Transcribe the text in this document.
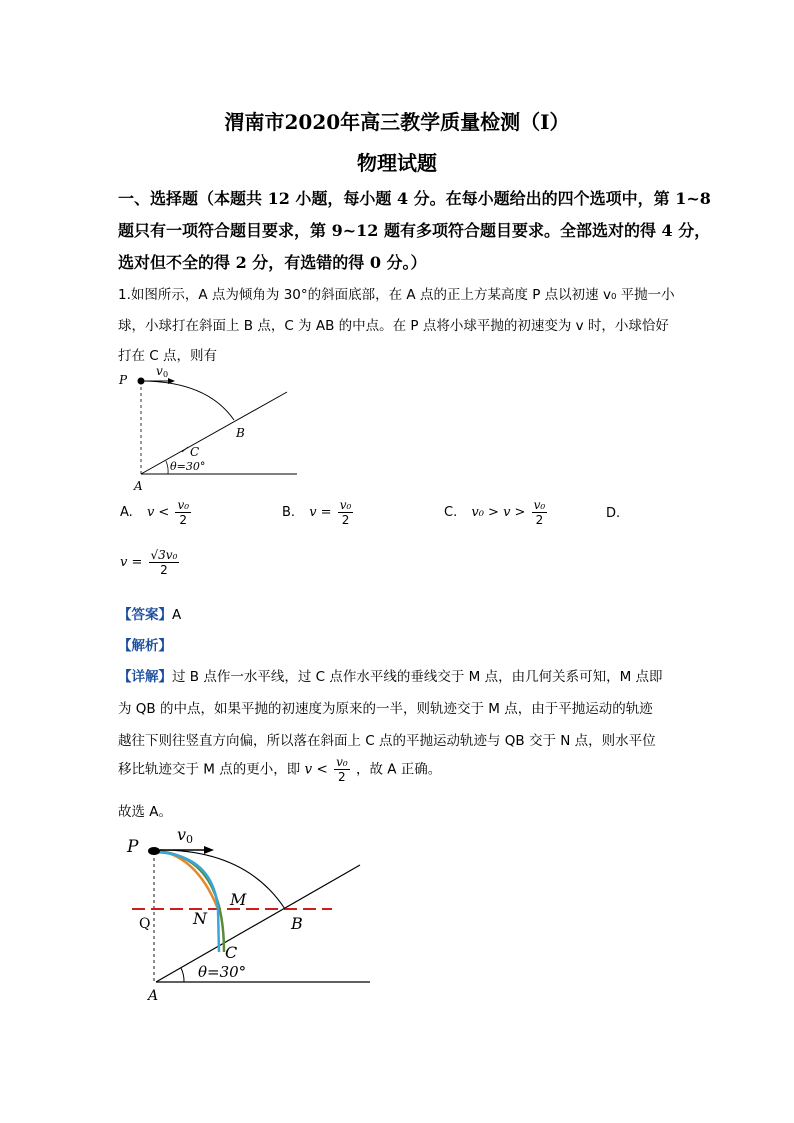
渭南市2020年高三教学质量检测（Ⅰ）
物理试题
一、选择题（本题共 12 小题，每小题 4 分。在每小题给出的四个选项中，第 1~8
题只有一项符合题目要求，第 9~12 题有多项符合题目要求。全部选对的得 4 分，
选对但不全的得 2 分，有选错的得 0 分。）
1.如图所示，A 点为倾角为 30°的斜面底部，在 A 点的正上方某高度 P 点以初速 v₀ 平抛一小
球，小球打在斜面上 B 点，C 为 AB 的中点。在 P 点将小球平抛的初速变为 v 时，小球恰好
打在 C 点，则有
P
v 0
B
C
θ=30°
A
A. $v < \frac{\text{v₀}}{2}$	B. $v = \frac{\text{v₀}}{2}$	C. $v_0 > v > \frac{\text{v₀}}{2}$	D.
$v = \frac{\text{√3v₀}}{2}$
【答案】A
【解析】
【详解】过 B 点作一水平线，过 C 点作水平线的垂线交于 M 点，由几何关系可知，M 点即
为 QB 的中点，如果平抛的初速度为原来的一半，则轨迹交于 M 点，由于平抛运动的轨迹
越往下则往竖直方向偏，所以落在斜面上 C 点的平抛运动轨迹与 QB 交于 N 点，则水平位
移比轨迹交于 M 点的更小，即 $v < \frac{\text{v₀}}{2}$ ，故 A 正确。
故选 A。
P
v 0
Q	N
M
B
C
θ=30°
A
